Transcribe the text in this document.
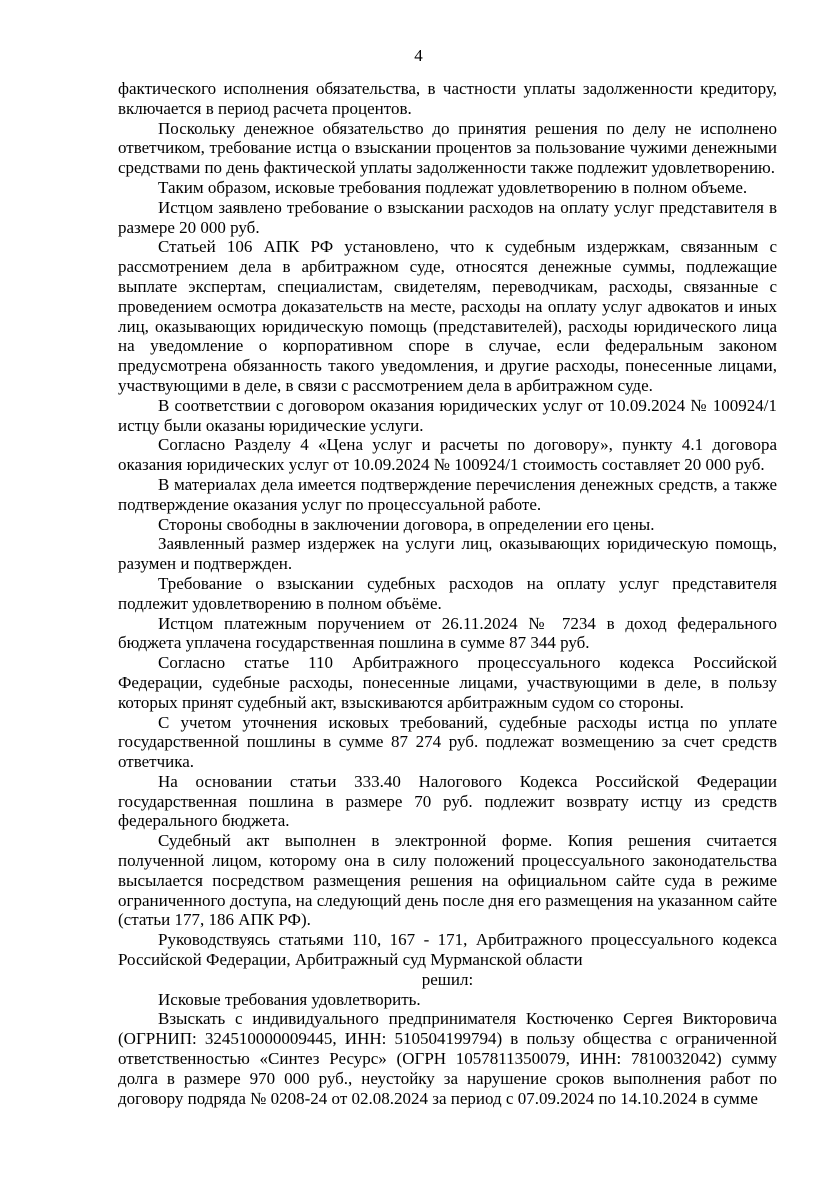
4

фактического исполнения обязательства, в частности уплаты задолженности кредитору, включается в период расчета процентов.

Поскольку денежное обязательство до принятия решения по делу не исполнено ответчиком, требование истца о взыскании процентов за пользование чужими денежными средствами по день фактической уплаты задолженности также подлежит удовлетворению.

Таким образом, исковые требования подлежат удовлетворению в полном объеме.

Истцом заявлено требование о взыскании расходов на оплату услуг представителя в размере 20 000 руб.

Статьей 106 АПК РФ установлено, что к судебным издержкам, связанным с рассмотрением дела в арбитражном суде, относятся денежные суммы, подлежащие выплате экспертам, специалистам, свидетелям, переводчикам, расходы, связанные с проведением осмотра доказательств на месте, расходы на оплату услуг адвокатов и иных лиц, оказывающих юридическую помощь (представителей), расходы юридического лица на уведомление о корпоративном споре в случае, если федеральным законом предусмотрена обязанность такого уведомления, и другие расходы, понесенные лицами, участвующими в деле, в связи с рассмотрением дела в арбитражном суде.

В соответствии с договором оказания юридических услуг от 10.09.2024 № 100924/1 истцу были оказаны юридические услуги.

Согласно Разделу 4 «Цена услуг и расчеты по договору», пункту 4.1 договора оказания юридических услуг от 10.09.2024 № 100924/1 стоимость составляет 20 000 руб.

В материалах дела имеется подтверждение перечисления денежных средств, а также подтверждение оказания услуг по процессуальной работе.

Стороны свободны в заключении договора, в определении его цены.

Заявленный размер издержек на услуги лиц, оказывающих юридическую помощь, разумен и подтвержден.

Требование о взыскании судебных расходов на оплату услуг представителя подлежит удовлетворению в полном объёме.

Истцом платежным поручением от 26.11.2024 № 7234 в доход федерального бюджета уплачена государственная пошлина в сумме 87 344 руб.

Согласно статье 110 Арбитражного процессуального кодекса Российской Федерации, судебные расходы, понесенные лицами, участвующими в деле, в пользу которых принят судебный акт, взыскиваются арбитражным судом со стороны.

С учетом уточнения исковых требований, судебные расходы истца по уплате государственной пошлины в сумме 87 274 руб. подлежат возмещению за счет средств ответчика.

На основании статьи 333.40 Налогового Кодекса Российской Федерации государственная пошлина в размере 70 руб. подлежит возврату истцу из средств федерального бюджета.

Судебный акт выполнен в электронной форме. Копия решения считается полученной лицом, которому она в силу положений процессуального законодательства высылается посредством размещения решения на официальном сайте суда в режиме ограниченного доступа, на следующий день после дня его размещения на указанном сайте (статьи 177, 186 АПК РФ).

Руководствуясь статьями 110, 167 - 171, Арбитражного процессуального кодекса Российской Федерации, Арбитражный суд Мурманской области

решил:

Исковые требования удовлетворить.

Взыскать с индивидуального предпринимателя Костюченко Сергея Викторовича (ОГРНИП: 324510000009445, ИНН: 510504199794) в пользу общества с ограниченной ответственностью «Синтез Ресурс» (ОГРН 1057811350079, ИНН: 7810032042) сумму долга в размере 970 000 руб., неустойку за нарушение сроков выполнения работ по договору подряда № 0208-24 от 02.08.2024 за период с 07.09.2024 по 14.10.2024 в сумме
